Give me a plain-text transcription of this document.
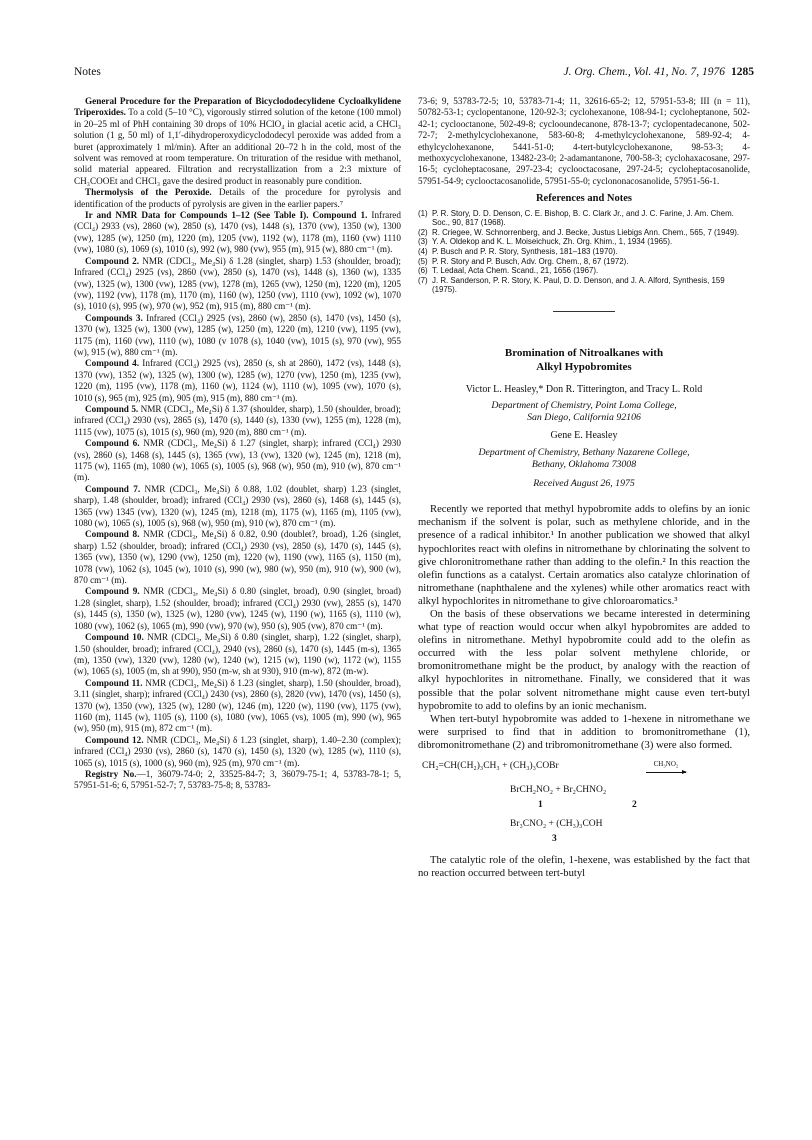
Notes	J. Org. Chem., Vol. 41, No. 7, 1976 1285

General Procedure for the Preparation of Bicyclododecylidene Cycloalkylidene Triperoxides. To a cold (5–10 °C), vigorously stirred solution of the ketone (100 mmol) in 20–25 ml of PhH containing 30 drops of 10% HClO₄ in glacial acetic acid, a CHCl₃ solution (1 g, 50 ml) of 1,1′-dihydroperoxydicyclododecyl peroxide was added from a buret (approximately 1 ml/min). After an additional 20–72 h in the cold, most of the solvent was removed at room temperature. On trituration of the residue with methanol, solid material appeared. Filtration and recrystallization from a 2:3 mixture of CH₃COOEt and CHCl₃ gave the desired product in reasonably pure condition.

Thermolysis of the Peroxide. Details of the procedure for pyrolysis and identification of the products of pyrolysis are given in the earlier papers.⁷

Ir and NMR Data for Compounds 1–12 (See Table I). Compound 1. Infrared (CCl₄) 2933 (vs), 2860 (w), 2850 (s), 1470 (vs), 1448 (s), 1370 (vw), 1350 (w), 1300 (vw), 1285 (w), 1250 (m), 1220 (m), 1205 (vw), 1192 (w), 1178 (m), 1160 (vw) 1110 (vw), 1080 (s), 1069 (s), 1010 (s), 992 (w), 980 (vw), 955 (m), 915 (w), 880 cm⁻¹ (m).

Compound 2. NMR (CDCl₃, Me₄Si) δ 1.28 (singlet, sharp) 1.53 (shoulder, broad); Infrared (CCl₄) 2925 (vs), 2860 (vw), 2850 (s), 1470 (vs), 1448 (s), 1360 (w), 1335 (vw), 1325 (w), 1300 (vw), 1285 (vw), 1278 (m), 1265 (vw), 1250 (m), 1220 (m), 1205 (vw), 1192 (vw), 1178 (m), 1170 (m), 1160 (w), 1250 (vw), 1110 (vw), 1092 (w), 1070 (s), 1010 (s), 995 (w), 970 (w), 952 (m), 915 (m), 880 cm⁻¹ (m).

Compounds 3. Infrared (CCl₄) 2925 (vs), 2860 (w), 2850 (s), 1470 (vs), 1450 (s), 1370 (w), 1325 (w), 1300 (vw), 1285 (w), 1250 (m), 1220 (m), 1210 (vw), 1195 (vw), 1175 (m), 1160 (vw), 1110 (w), 1080 (v 1078 (s), 1040 (vw), 1015 (s), 970 (vw), 955 (w), 915 (w), 880 cm⁻¹ (m).

Compound 4. Infrared (CCl₄) 2925 (vs), 2850 (s, sh at 2860), 1472 (vs), 1448 (s), 1370 (vw), 1352 (w), 1325 (w), 1300 (w), 1285 (w), 1270 (vw), 1250 (m), 1235 (vw), 1220 (m), 1195 (vw), 1178 (m), 1160 (w), 1124 (w), 1110 (w), 1095 (vw), 1070 (s), 1010 (s), 965 (m), 925 (m), 905 (m), 915 (m), 880 cm⁻¹ (m).

Compound 5. NMR (CDCl₃, Me₄Si) δ 1.37 (shoulder, sharp), 1.50 (shoulder, broad); infrared (CCl₄) 2930 (vs), 2865 (s), 1470 (s), 1440 (s), 1330 (vw), 1255 (m), 1228 (m), 1115 (vw), 1075 (s), 1015 (s), 960 (m), 920 (m), 880 cm⁻¹ (m).

Compound 6. NMR (CDCl₃, Me₄Si) δ 1.27 (singlet, sharp); infrared (CCl₄) 2930 (vs), 2860 (s), 1468 (s), 1445 (s), 1365 (vw), 13 (vw), 1320 (w), 1245 (m), 1218 (m), 1175 (w), 1165 (m), 1080 (w), 1065 (s), 1005 (s), 968 (w), 950 (m), 910 (w), 870 cm⁻¹ (m).

Compound 7. NMR (CDCl₃, Me₄Si) δ 0.88, 1.02 (doublet, sharp) 1.23 (singlet, sharp), 1.48 (shoulder, broad); infrared (CCl₄) 2930 (vs), 2860 (s), 1468 (s), 1445 (s), 1365 (vw) 1345 (vw), 1320 (w), 1245 (m), 1218 (m), 1175 (w), 1165 (m), 1105 (vw), 1080 (w), 1065 (s), 1005 (s), 968 (w), 950 (m), 910 (w), 870 cm⁻¹ (m).

Compound 8. NMR (CDCl₃, Me₄Si) δ 0.82, 0.90 (doublet?, broad), 1.26 (singlet, sharp) 1.52 (shoulder, broad); infrared (CCl₄) 2930 (vs), 2850 (s), 1470 (s), 1445 (s), 1365 (vw), 1350 (w), 1290 (vw), 1250 (m), 1220 (w), 1190 (vw), 1165 (s), 1150 (m), 1078 (vw), 1062 (s), 1045 (w), 1010 (s), 990 (w), 980 (w), 950 (m), 910 (w), 900 (w), 870 cm⁻¹ (m).

Compound 9. NMR (CDCl₃, Me₄Si) δ 0.80 (singlet, broad), 0.90 (singlet, broad) 1.28 (singlet, sharp), 1.52 (shoulder, broad); infrared (CCl₄) 2930 (vw), 2855 (s), 1470 (s), 1445 (s), 1350 (w), 1325 (w), 1280 (vw), 1245 (w), 1190 (w), 1165 (s), 1110 (w), 1080 (vw), 1062 (s), 1065 (m), 990 (vw), 970 (w), 950 (s), 905 (vw), 870 cm⁻¹ (m).

Compound 10. NMR (CDCl₃, Me₄Si) δ 0.80 (singlet, sharp), 1.22 (singlet, sharp), 1.50 (shoulder, broad); infrared (CCl₄), 2940 (vs), 2860 (s), 1470 (s), 1445 (m-s), 1365 (m), 1350 (vw), 1320 (vw), 1280 (w), 1240 (w), 1215 (w), 1190 (w), 1172 (w), 1155 (w), 1065 (s), 1005 (m, sh at 990), 950 (m-w, sh at 930), 910 (m-w), 872 (m-w).

Compound 11. NMR (CDCl₃, Me₄Si) δ 1.23 (singlet, sharp), 1.50 (shoulder, broad), 3.11 (singlet, sharp); infrared (CCl₄) 2430 (vs), 2860 (s), 2820 (vw), 1470 (vs), 1450 (s), 1370 (w), 1350 (vw), 1325 (w), 1280 (w), 1246 (m), 1220 (w), 1190 (vw), 1175 (vw), 1160 (m), 1145 (w), 1105 (s), 1100 (s), 1080 (vw), 1065 (vs), 1005 (m), 990 (w), 965 (w), 950 (m), 915 (m), 872 cm⁻¹ (m).

Compound 12. NMR (CDCl₃, Me₄Si) δ 1.23 (singlet, sharp), 1.40–2.30 (complex); infrared (CCl₄) 2930 (vs), 2860 (s), 1470 (s), 1450 (s), 1320 (w), 1285 (w), 1110 (s), 1065 (s), 1015 (s), 1000 (s), 960 (m), 925 (m), 970 cm⁻¹ (m).

Registry No.—1, 36079-74-0; 2, 33525-84-7; 3, 36079-75-1; 4, 53783-78-1; 5, 57951-51-6; 6, 57951-52-7; 7, 53783-75-8; 8, 53783-

73-6; 9, 53783-72-5; 10, 53783-71-4; 11, 32616-65-2; 12, 57951-53-8; III (n = 11), 50782-53-1; cyclopentanone, 120-92-3; cyclohexanone, 108-94-1; cycloheptanone, 502-42-1; cyclooctanone, 502-49-8; cyclooundecanone, 878-13-7; cyclopentadecanone, 502-72-7; 2-methylcyclohexanone, 583-60-8; 4-methylcyclohexanone, 589-92-4; 4-ethylcyclohexanone, 5441-51-0; 4-tert-butylcyclohexanone, 98-53-3; 4-methoxycyclohexanone, 13482-23-0; 2-adamantanone, 700-58-3; cyclohaxacosane, 297-16-5; cycloheptacosane, 297-23-4; cyclooctacosane, 297-24-5; cycloheptacosanolide, 57951-54-9; cyclooctacosanolide, 57951-55-0; cyclononacosanolide, 57951-56-1.

References and Notes
(1) P. R. Story, D. D. Denson, C. E. Bishop, B. C. Clark Jr., and J. C. Farine, J. Am. Chem. Soc., 90, 817 (1968).
(2) R. Criegee, W. Schnorrenberg, and J. Becke, Justus Liebigs Ann. Chem., 565, 7 (1949).
(3) Y. A. Oldekop and K. L. Moiseichuck, Zh. Org. Khim., 1, 1934 (1965).
(4) P. Busch and P. R. Story, Synthesis, 181–183 (1970).
(5) P. R. Story and P. Busch, Adv. Org. Chem., 8, 67 (1972).
(6) T. Ledaal, Acta Chem. Scand., 21, 1656 (1967).
(7) J. R. Sanderson, P. R. Story, K. Paul, D. D. Denson, and J. A. Alford, Synthesis, 159 (1975).
Bromination of Nitroalkanes with
Alkyl Hypobromites
Victor L. Heasley,* Don R. Titterington, and Tracy L. Rold
Department of Chemistry, Point Loma College,
San Diego, California 92106
Gene E. Heasley
Department of Chemistry, Bethany Nazarene College,
Bethany, Oklahoma 73008
Received August 26, 1975

Recently we reported that methyl hypobromite adds to olefins by an ionic mechanism if the solvent is polar, such as methylene chloride, and in the presence of a radical inhibitor.¹ In another publication we showed that alkyl hypochlorites react with olefins in nitromethane by chlorinating the solvent to give chloronitromethane rather than adding to the olefin.² In this reaction the olefin functions as a catalyst. Certain aromatics also catalyze chlorination of nitromethane (naphthalene and the xylenes) while other aromatics react with alkyl hypochlorites in nitromethane to give chloroaromatics.³

On the basis of these observations we became interested in determining what type of reaction would occur when alkyl hypobromites are added to olefins in nitromethane. Methyl hypobromite could add to the olefin as occurred with the less polar solvent methylene chloride, or bromonitromethane might be the product, by analogy with the reaction of alkyl hypochlorites in nitromethane. Finally, we considered that it was possible that the polar solvent nitromethane might cause even tert-butyl hypobromite to add to olefins by an ionic mechanism.

When tert-butyl hypobromite was added to 1-hexene in nitromethane we were surprised to find that in addition to bromonitromethane (1), dibromonitromethane (2) and tribromonitromethane (3) were also formed.

CH₂=CH(CH₂)₃CH₃ + (CH₃)₃COBr	CH₃NO₂
BrCH₂NO₂ + Br₂CHNO₂
1	2
Br₃CNO₂ + (CH₃)₃COH
3

The catalytic role of the olefin, 1-hexene, was established by the fact that no reaction occurred between tert-butyl
